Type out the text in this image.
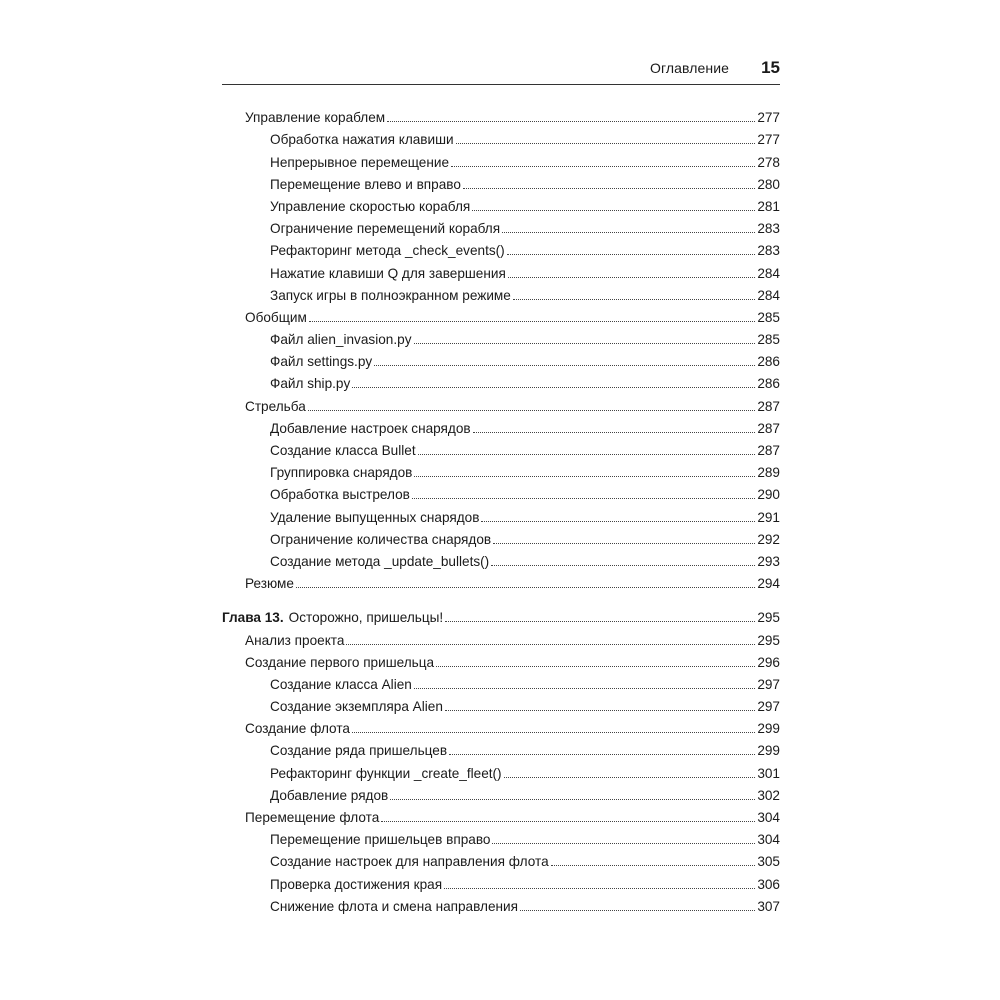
Оглавление 15
Управление кораблем	277
Обработка нажатия клавиши	277
Непрерывное перемещение	278
Перемещение влево и вправо	280
Управление скоростью корабля	281
Ограничение перемещений корабля	283
Рефакторинг метода _check_events()	283
Нажатие клавиши Q для завершения	284
Запуск игры в полноэкранном режиме	284
Обобщим	285
Файл alien_invasion.py	285
Файл settings.py	286
Файл ship.py	286
Стрельба	287
Добавление настроек снарядов	287
Создание класса Bullet	287
Группировка снарядов	289
Обработка выстрелов	290
Удаление выпущенных снарядов	291
Ограничение количества снарядов	292
Создание метода _update_bullets()	293
Резюме	294
Глава 13. Осторожно, пришельцы!	295
Анализ проекта	295
Создание первого пришельца	296
Создание класса Alien	297
Создание экземпляра Alien	297
Создание флота	299
Создание ряда пришельцев	299
Рефакторинг функции _create_fleet()	301
Добавление рядов	302
Перемещение флота	304
Перемещение пришельцев вправо	304
Создание настроек для направления флота	305
Проверка достижения края	306
Снижение флота и смена направления	307
